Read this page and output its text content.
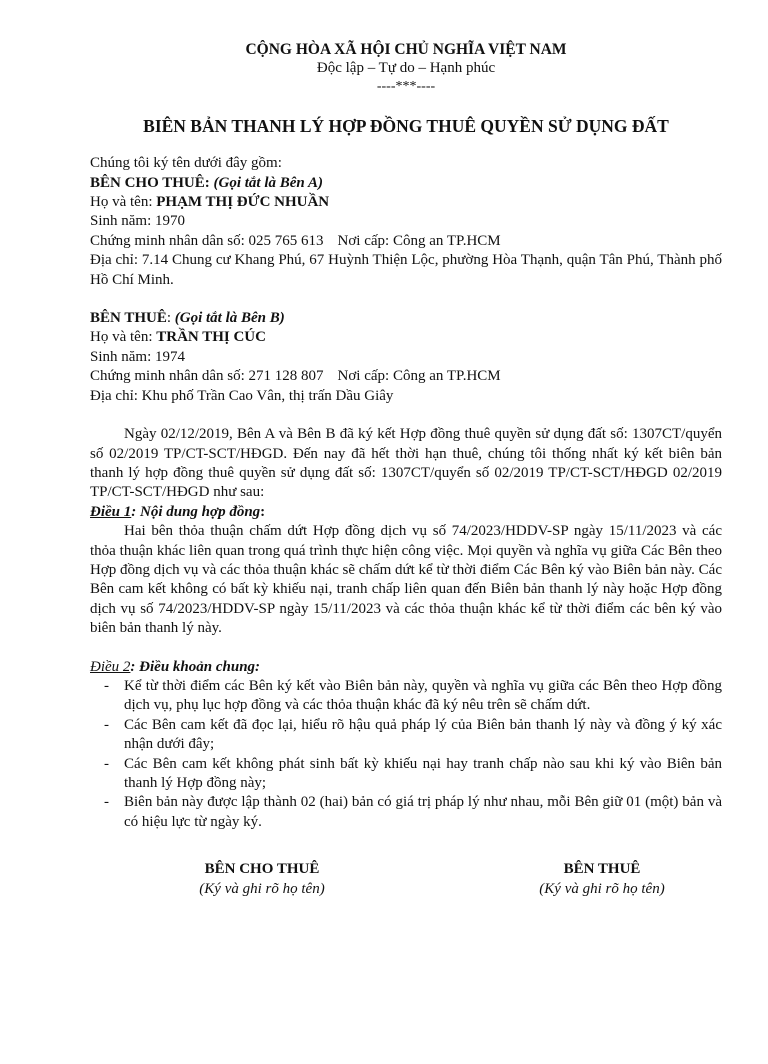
CỘNG HÒA XÃ HỘI CHỦ NGHĨA VIỆT NAM
Độc lập – Tự do – Hạnh phúc
----***----
BIÊN BẢN THANH LÝ HỢP ĐỒNG THUÊ QUYỀN SỬ DỤNG ĐẤT
Chúng tôi ký tên dưới đây gồm:
BÊN CHO THUÊ: (Gọi tắt là Bên A)
Họ và tên: PHẠM THỊ ĐỨC NHUẦN
Sinh năm: 1970
Chứng minh nhân dân số: 025 765 613 Nơi cấp: Công an TP.HCM
Địa chỉ: 7.14 Chung cư Khang Phú, 67 Huỳnh Thiện Lộc, phường Hòa Thạnh, quận Tân Phú, Thành phố Hồ Chí Minh.
BÊN THUÊ: (Gọi tắt là Bên B)
Họ và tên: TRẦN THỊ CÚC
Sinh năm: 1974
Chứng minh nhân dân số: 271 128 807 Nơi cấp: Công an TP.HCM
Địa chỉ: Khu phố Trần Cao Vân, thị trấn Dầu Giây
Ngày 02/12/2019, Bên A và Bên B đã ký kết Hợp đồng thuê quyền sử dụng đất số: 1307CT/quyển số 02/2019 TP/CT-SCT/HĐGD. Đến nay đã hết thời hạn thuê, chúng tôi thống nhất ký kết biên bản thanh lý hợp đồng thuê quyền sử dụng đất số: 1307CT/quyển số 02/2019 TP/CT-SCT/HĐGD 02/2019 TP/CT-SCT/HĐGD như sau:
Điều 1: Nội dung hợp đồng:
Hai bên thỏa thuận chấm dứt Hợp đồng dịch vụ số 74/2023/HDDV-SP ngày 15/11/2023 và các thỏa thuận khác liên quan trong quá trình thực hiện công việc. Mọi quyền và nghĩa vụ giữa Các Bên theo Hợp đồng dịch vụ và các thỏa thuận khác sẽ chấm dứt kể từ thời điểm Các Bên ký vào Biên bản này. Các Bên cam kết không có bất kỳ khiếu nại, tranh chấp liên quan đến Biên bản thanh lý này hoặc Hợp đồng dịch vụ số 74/2023/HDDV-SP ngày 15/11/2023 và các thỏa thuận khác kể từ thời điểm các bên ký vào biên bản thanh lý này.
Điều 2: Điều khoản chung:
- Kể từ thời điểm các Bên ký kết vào Biên bản này, quyền và nghĩa vụ giữa các Bên theo Hợp đồng dịch vụ, phụ lục hợp đồng và các thỏa thuận khác đã ký nêu trên sẽ chấm dứt.
- Các Bên cam kết đã đọc lại, hiểu rõ hậu quả pháp lý của Biên bản thanh lý này và đồng ý ký xác nhận dưới đây;
- Các Bên cam kết không phát sinh bất kỳ khiếu nại hay tranh chấp nào sau khi ký vào Biên bản thanh lý Hợp đồng này;
- Biên bản này được lập thành 02 (hai) bản có giá trị pháp lý như nhau, mỗi Bên giữ 01 (một) bản và có hiệu lực từ ngày ký.
BÊN CHO THUÊ
(Ký và ghi rõ họ tên)
BÊN THUÊ
(Ký và ghi rõ họ tên)
